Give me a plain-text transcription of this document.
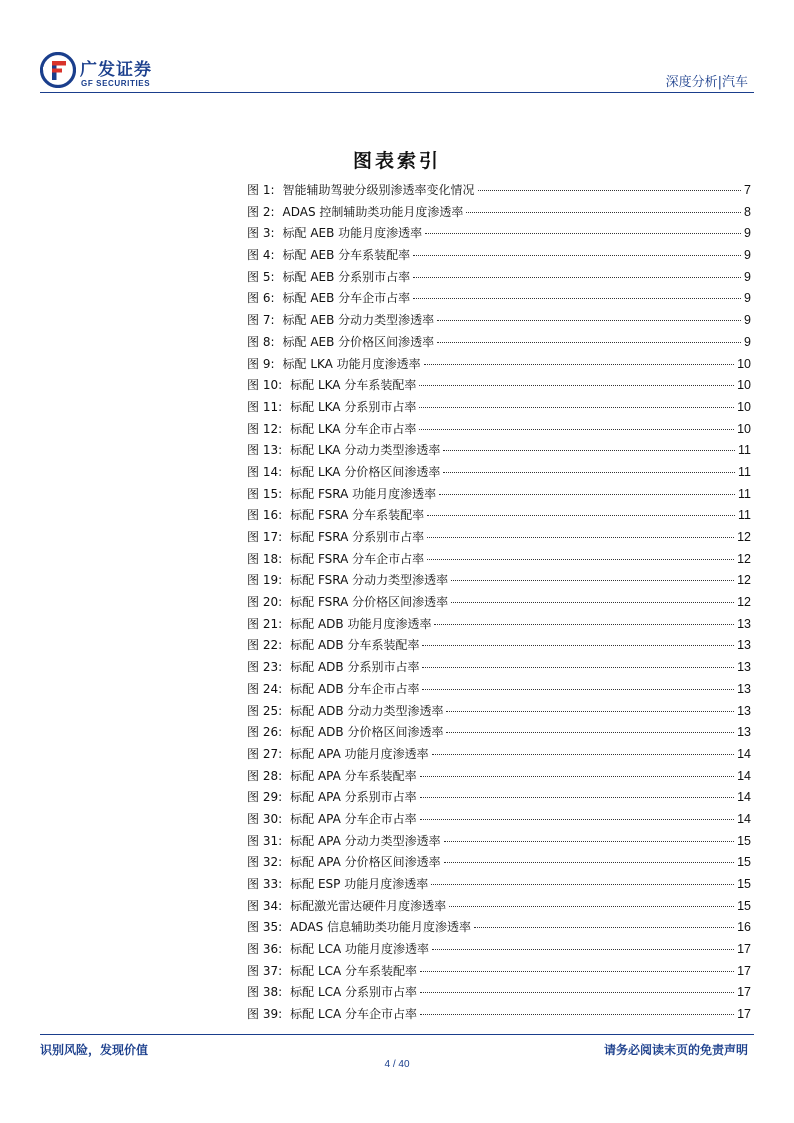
广发证券
GF SECURITIES	深度分析|汽车
图表索引
图 1: 智能辅助驾驶分级别渗透率变化情况	7
图 2: ADAS 控制辅助类功能月度渗透率	8
图 3: 标配 AEB 功能月度渗透率	9
图 4: 标配 AEB 分车系装配率	9
图 5: 标配 AEB 分系别市占率	9
图 6: 标配 AEB 分车企市占率	9
图 7: 标配 AEB 分动力类型渗透率	9
图 8: 标配 AEB 分价格区间渗透率	9
图 9: 标配 LKA 功能月度渗透率	10
图 10: 标配 LKA 分车系装配率	10
图 11: 标配 LKA 分系别市占率	10
图 12: 标配 LKA 分车企市占率	10
图 13: 标配 LKA 分动力类型渗透率	11
图 14: 标配 LKA 分价格区间渗透率	11
图 15: 标配 FSRA 功能月度渗透率	11
图 16: 标配 FSRA 分车系装配率	11
图 17: 标配 FSRA 分系别市占率	12
图 18: 标配 FSRA 分车企市占率	12
图 19: 标配 FSRA 分动力类型渗透率	12
图 20: 标配 FSRA 分价格区间渗透率	12
图 21: 标配 ADB 功能月度渗透率	13
图 22: 标配 ADB 分车系装配率	13
图 23: 标配 ADB 分系别市占率	13
图 24: 标配 ADB 分车企市占率	13
图 25: 标配 ADB 分动力类型渗透率	13
图 26: 标配 ADB 分价格区间渗透率	13
图 27: 标配 APA 功能月度渗透率	14
图 28: 标配 APA 分车系装配率	14
图 29: 标配 APA 分系别市占率	14
图 30: 标配 APA 分车企市占率	14
图 31: 标配 APA 分动力类型渗透率	15
图 32: 标配 APA 分价格区间渗透率	15
图 33: 标配 ESP 功能月度渗透率	15
图 34: 标配激光雷达硬件月度渗透率	15
图 35: ADAS 信息辅助类功能月度渗透率	16
图 36: 标配 LCA 功能月度渗透率	17
图 37: 标配 LCA 分车系装配率	17
图 38: 标配 LCA 分系别市占率	17
图 39: 标配 LCA 分车企市占率	17
识别风险，发现价值	请务必阅读末页的免责声明
4 / 40
